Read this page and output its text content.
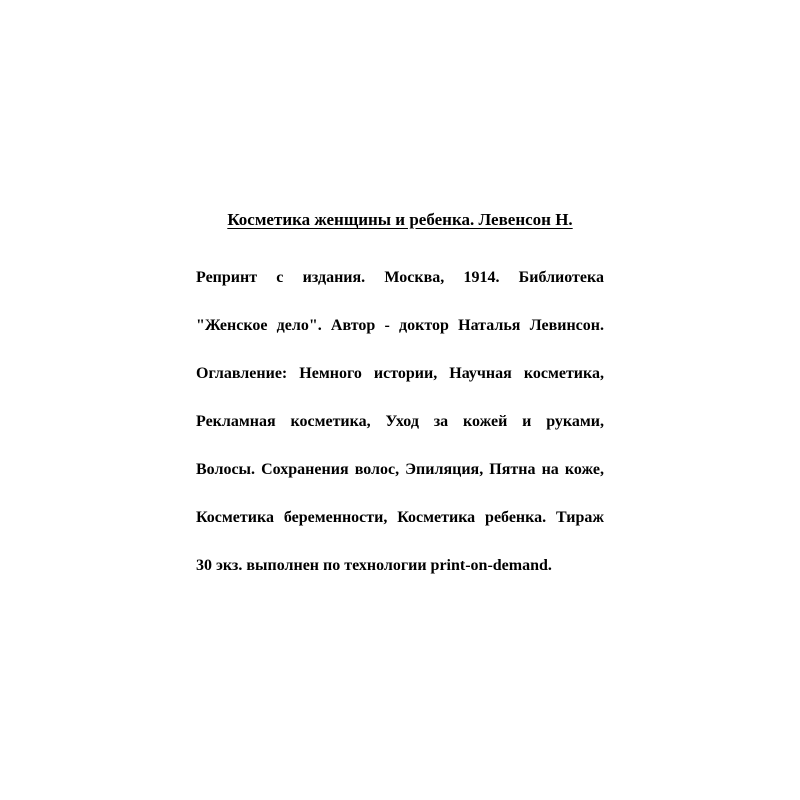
Косметика женщины и ребенка. Левенсон Н.
Репринт с издания. Москва, 1914. Библиотека
"Женское дело". Автор - доктор Наталья Левинсон.
Оглавление: Немного истории, Научная косметика,
Рекламная косметика, Уход за кожей и руками,
Волосы. Сохранения волос, Эпиляция, Пятна на коже,
Косметика беременности, Косметика ребенка. Тираж
30 экз. выполнен по технологии print-on-demand.
